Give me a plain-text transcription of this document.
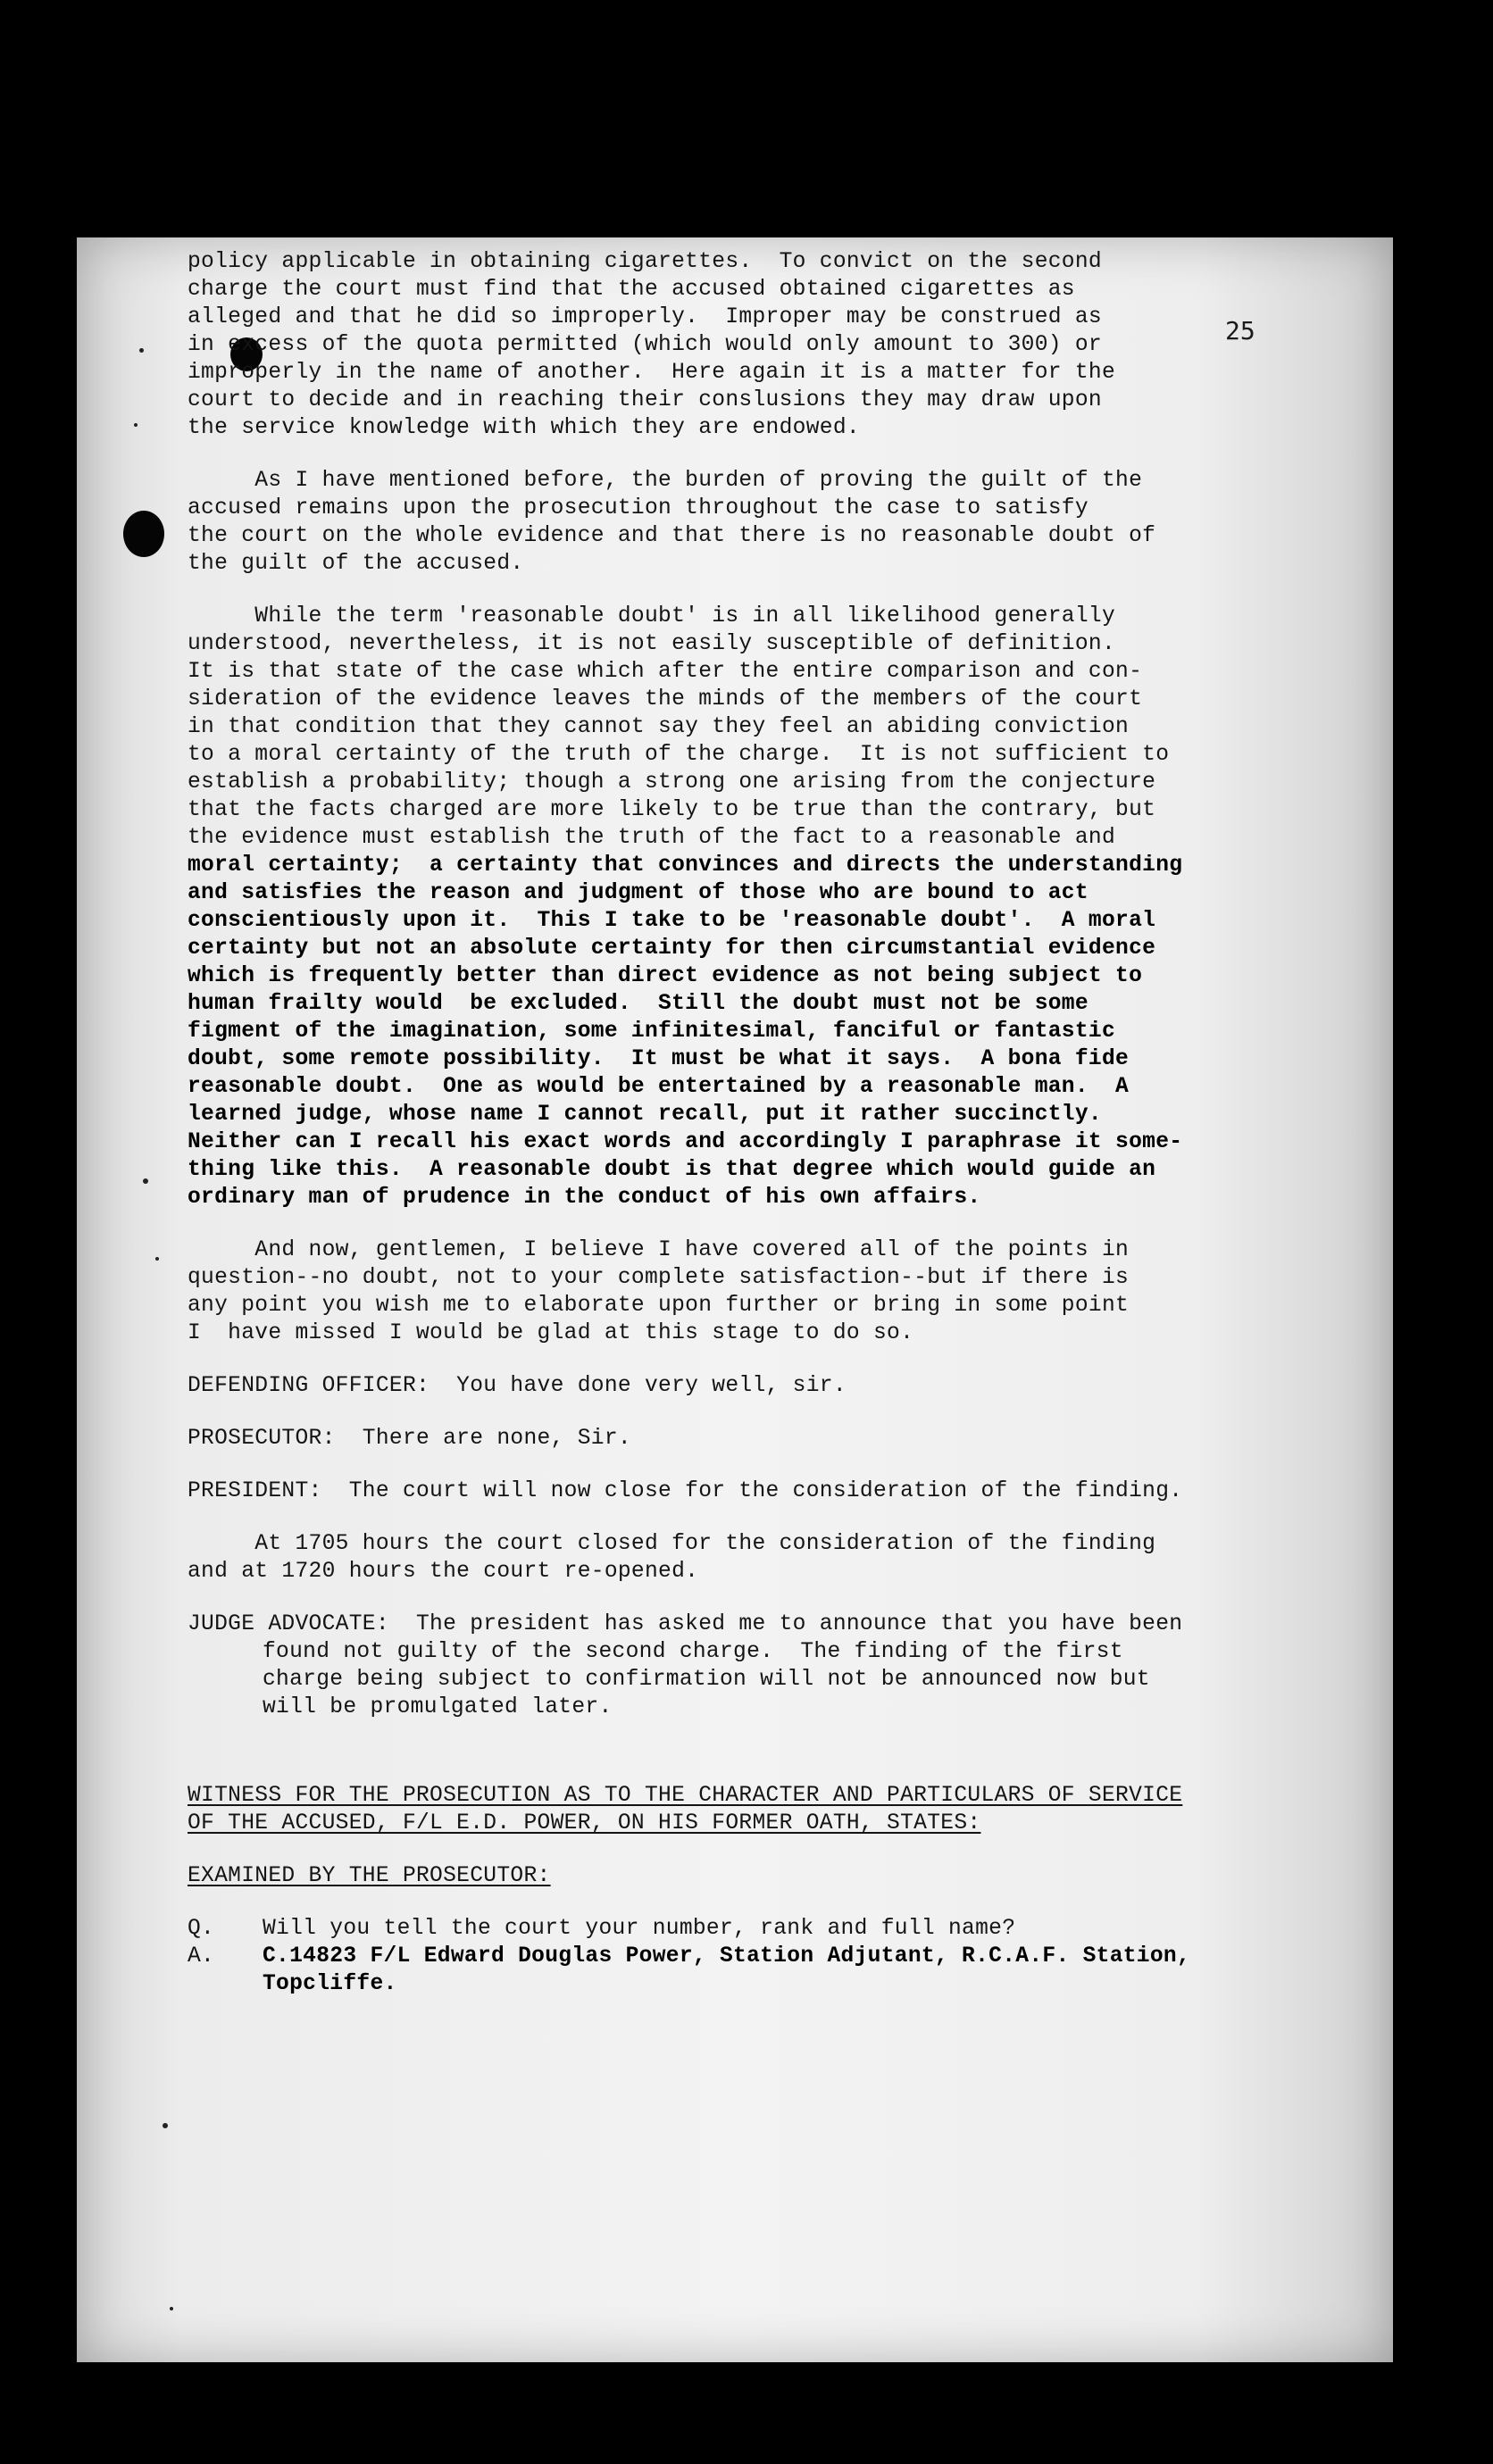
25
policy applicable in obtaining cigarettes.  To convict on the second
charge the court must find that the accused obtained cigarettes as
alleged and that he did so improperly.  Improper may be construed as
in excess of the quota permitted (which would only amount to 300) or
improperly in the name of another.  Here again it is a matter for the
court to decide and in reaching their conslusions they may draw upon
the service knowledge with which they are endowed.
As I have mentioned before, the burden of proving the guilt of the
accused remains upon the prosecution throughout the case to satisfy
the court on the whole evidence and that there is no reasonable doubt of
the guilt of the accused.
While the term 'reasonable doubt' is in all likelihood generally
understood, nevertheless, it is not easily susceptible of definition.
It is that state of the case which after the entire comparison and con-
sideration of the evidence leaves the minds of the members of the court
in that condition that they cannot say they feel an abiding conviction
to a moral certainty of the truth of the charge.  It is not sufficient to
establish a probability; though a strong one arising from the conjecture
that the facts charged are more likely to be true than the contrary, but
the evidence must establish the truth of the fact to a reasonable and
moral certainty;  a certainty that convinces and directs the understanding
and satisfies the reason and judgment of those who are bound to act
conscientiously upon it.  This I take to be 'reasonable doubt'.  A moral
certainty but not an absolute certainty for then circumstantial evidence
which is frequently better than direct evidence as not being subject to
human frailty would  be excluded.  Still the doubt must not be some
figment of the imagination, some infinitesimal, fanciful or fantastic
doubt, some remote possibility.  It must be what it says.  A bona fide
reasonable doubt.  One as would be entertained by a reasonable man.  A
learned judge, whose name I cannot recall, put it rather succinctly.
Neither can I recall his exact words and accordingly I paraphrase it some-
thing like this.  A reasonable doubt is that degree which would guide an
ordinary man of prudence in the conduct of his own affairs.
And now, gentlemen, I believe I have covered all of the points in
question--no doubt, not to your complete satisfaction--but if there is
any point you wish me to elaborate upon further or bring in some point
I  have missed I would be glad at this stage to do so.
DEFENDING OFFICER:  You have done very well, sir.
PROSECUTOR:  There are none, Sir.
PRESIDENT:  The court will now close for the consideration of the finding.
At 1705 hours the court closed for the consideration of the finding
and at 1720 hours the court re-opened.
JUDGE ADVOCATE:  The president has asked me to announce that you have been
found not guilty of the second charge.  The finding of the first
charge being subject to confirmation will not be announced now but
will be promulgated later.
WITNESS FOR THE PROSECUTION AS TO THE CHARACTER AND PARTICULARS OF SERVICE
OF THE ACCUSED, F/L E.D. POWER, ON HIS FORMER OATH, STATES:
EXAMINED BY THE PROSECUTOR:
Q.	Will you tell the court your number, rank and full name?
A.	C.14823 F/L Edward Douglas Power, Station Adjutant, R.C.A.F. Station,
Topcliffe.
